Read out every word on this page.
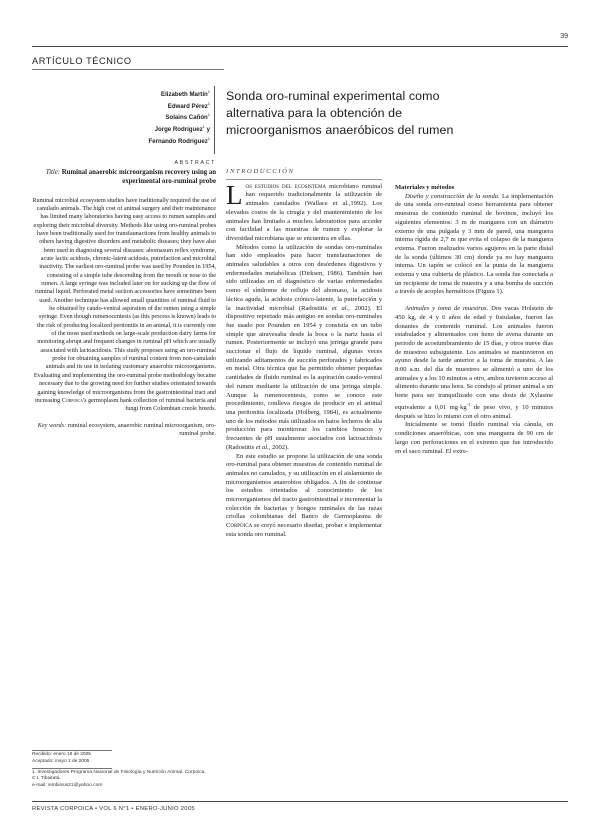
39
ARTÍCULO TÉCNICO
Elizabeth Martín$^1$
Edward Pérez$^1$
Solains Cañón$^1$
Jorge Rodríguez$^1$ y
Fernando Rodríguez$^1$
Sonda oro-ruminal experimental como alternativa para la obtención de microorganismos anaeróbicos del rumen
ABSTRACT
Title: Ruminal anaerobic microorganism recovery using an experimental oro-ruminal probe

Ruminal microbial ecosystem studies have traditionally required the use of canulado animals. The high cost of animal surgery and their maintenance has limited many laboratories having easy access to rumen samples and exploring their microbial diversity. Methods like using oro-ruminal probes have been traditionally used for transfaunactions from healthy animals to others having digestive disorders and metabolic diseases; they have also been used in diagnosing several diseases: abomasum reflex syndrome, acute lactic acidosis, chronic-latent acidosis, putrefaction and microbial inactivity. The earliest oro-ruminal probe was used by Pounden in 1954, consisting of a simple tube descending from the mouth or nose to the rumen. A large syringe was included later on for sucking up the flow of ruminal liquid. Perforated metal suction accessories have sometimes been used. Another technique has allowed small quantities of ruminal fluid to be obtained by caudo-ventral aspiration of the rumen using a simple syringe. Even though rumenocentesis (as this process is known) leads to the risk of producing localized peritonitis in an animal, it is currently one of the most used methods on large-scale production dairy farms for monitoring abrupt and frequent changes in ruminal pH which are usually associated with lactoacidosis. This study proposes using an oro-ruminal probe for obtaining samples of ruminal content from non-canulado animals and its use in isolating customary anaerobic microorganisms. Evaluating and implementing the oro-ruminal probe methodology became necessary due to the growing need for further studies orientated towards gaining knowledge of microorganisms from the gastrointestinal tract and increasing Corpoica's germoplasm bank collection of ruminal bacteria and fungi from Colombian creole breeds.

Key words: ruminal ecosystem, anaerobic ruminal microorganism, oro-ruminal probe.
Recibido: enero 18 de 2005
Aceptado: mayo 2 de 2005
1. Investigadores Programa Nacional de Fisiología y Nutrición Animal, Corpoica, C.I. Tibaitatá.
e-mail: simbiosis21@yahoo.com
INTRODUCCIÓN

Los estudios del ecosistema microbiano ruminal han requerido tradicionalmente la utilización de animales canulados (Wallace et al.,1992). Los elevados costos de la cirugía y del mantenimiento de los animales han limitado a muchos laboratorios para acceder con facilidad a las muestras de rumen y explorar la diversidad microbiana que se encuentra en ellas.

Métodos como la utilización de sondas oro-ruminales han sido empleados para hacer transfaunaciones de animales saludables a otros con desórdenes digestivos y enfermedades metabólicas (Dirksen, 1986). También han sido utilizadas en el diagnóstico de varias enfermedades como el síndrome de reflujo del abomaso, la acidosis láctica aguda, la acidosis crónico-latente, la putrefacción y la inactividad microbial (Radostitis et al., 2002). El dispositivo reportado más antiguo en sondas oro-ruminales fue usado por Pounden en 1954 y consistía en un tubo simple que atravesaba desde la boca o la nariz hasta el rumen. Posteriormente se incluyó una jeringa grande para succionar el flujo de líquido ruminal, algunas veces utilizando aditamentos de succión perforados y fabricados en metal. Otra técnica que ha permitido obtener pequeñas cantidades de fluido ruminal es la aspiración caudo-ventral del rumen mediante la utilización de una jeringa simple. Aunque la rumenocentesis, como se conoce este procedimiento, conlleva riesgos de producir en el animal una peritonitis localizada (Holberg, 1984), es actualmente uno de los métodos más utilizados en hatos lecheros de alta producción para monitorear los cambios bruscos y frecuentes de pH usualmente asociados con lactoacidosis (Radostitis et al., 2002).

En este estudio se propone la utilización de una sonda oro-ruminal para obtener muestras de contenido ruminal de animales no canulados, y su utilización en el aislamiento de microorganismos anaerobios obligados. A fin de continuar los estudios orientados al conocimiento de los microorganismos del tracto gastrointestinal e incrementar la colección de bacterias y hongos ruminales de las razas criollas colombianas del Banco de Germoplasma de Corpoica se creyó necesario diseñar, probar e implementar esta sonda oro ruminal.

Materiales y métodos

Diseño y construcción de la sonda. La implementación de una sonda oro-ruminal como herramienta para obtener muestras de contenido ruminal de bovinos, incluyó los siguientes elementos: 3 m de manguera con un diámetro externo de una pulgada y 3 mm de pared, una manguera interna rígida de 2,7 m que evita el colapso de la manguera externa. Fueron realizados varios agujeros en la parte distal de la sonda (últimos 30 cm) donde ya no hay manguera interna. Un tapón se colocó en la punta de la manguera externa y una cubierta de plástico. La sonda fue conectada a un recipiente de toma de muestra y a una bomba de succión a través de acoples herméticos (Figura 1).

Animales y toma de muestras. Dos vacas Holstein de 450 kg, de 4 y 6 años de edad y fistuladas, fueron las donantes de contenido ruminal. Los animales fueron estabulados y alimentados con heno de avena durante un periodo de acostumbramiento de 15 días, y otros nueve días de muestreo subsiguiente. Los animales se mantuvieron en ayuno desde la tarde anterior a la toma de muestra. A las 8:00 a.m. del día de muestreo se alimentó a uno de los animales y a los 10 minutos a otro, ambos tuvieron acceso al alimento durante una hora. Se condujo al primer animal a un brete para ser tranquilizado con una dosis de Xylasine equivalente a 0,01 $mg\cdot kg^{-1}$ de peso vivo, y 10 minutos después se hizo lo mismo con el otro animal.

Inicialmente se tomó fluido ruminal vía cánula, en condiciones anaeróbicas, con una manguera de 90 cm de largo con perforaciones en el extremo que fue introducido en el saco ruminal. El extre-

REVISTA CORPOICA • VOL 6 N°1 • ENERO-JUNIO 2005
